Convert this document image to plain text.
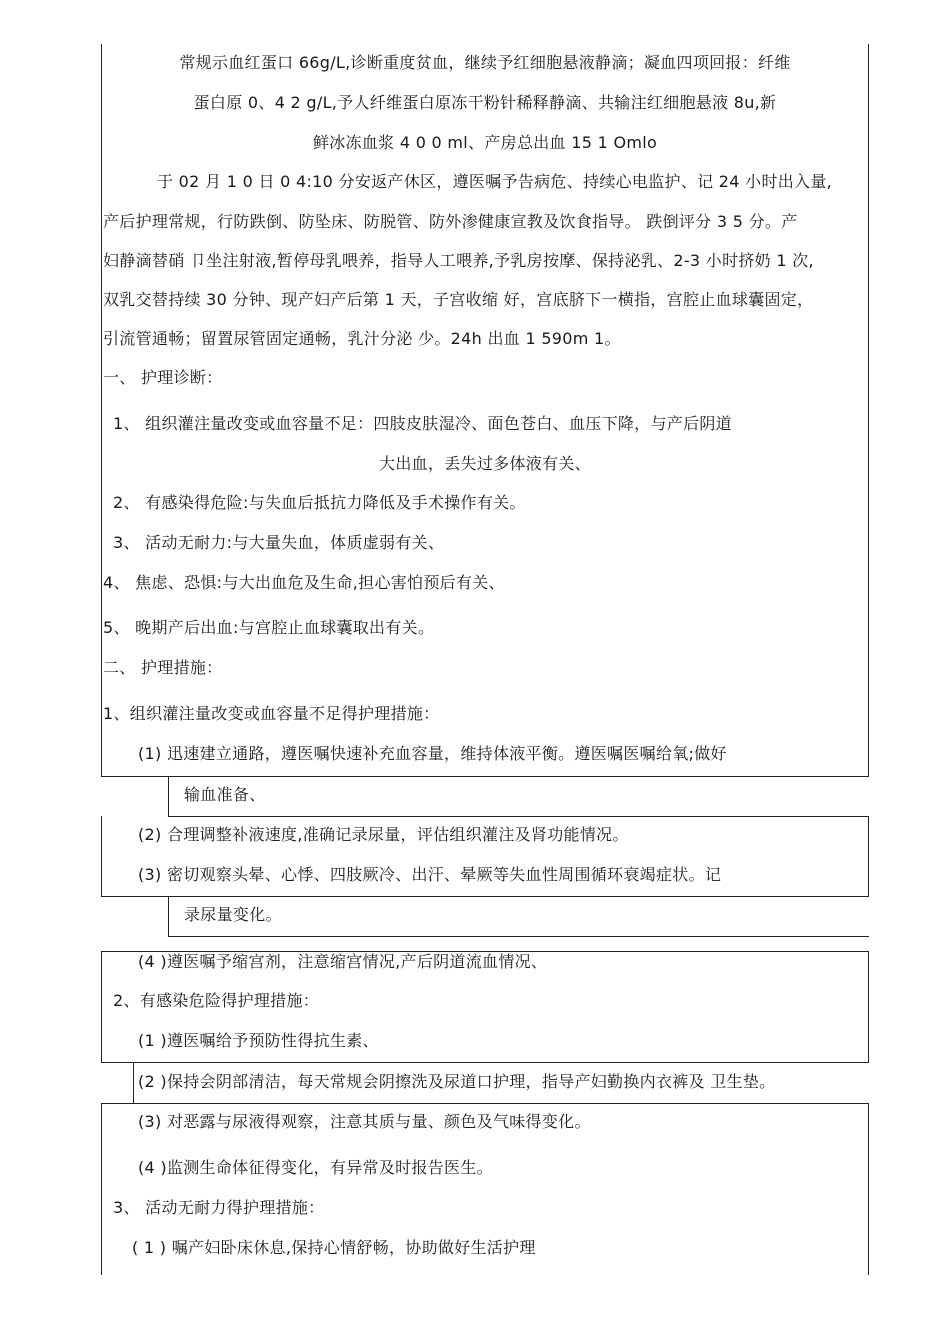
常规示血红蛋口 66g/L,诊断重度贫血，继续予红细胞悬液静滴；凝血四项回报：纤维
蛋白原 0、4 2 g/L,予人纤维蛋白原冻干粉针稀释静滴、共输注红细胞悬液 8u,新
鲜冰冻血浆 4 0 0 ml、产房总出血 15 1 Omlo
于 02 月 1 0 日 0 4:10 分安返产休区，遵医嘱予告病危、持续心电监护、记 24 小时出入量,
产后护理常规，行防跌倒、防坠床、防脱管、防外渗健康宣教及饮食指导。 跌倒评分 3 5 分。产
妇静滴替硝 卩坐注射液,暂停母乳喂养，指导人工喂养,予乳房按摩、保持泌乳、2-3 小时挤奶 1 次,
双乳交替持续 30 分钟、现产妇产后第 1 天，子宫收缩 好，宫底脐下一横指，宫腔止血球囊固定，
引流管通畅；留置尿管固定通畅，乳汁分泌 少。24h 出血 1 590m 1。
一、 护理诊断：
1、 组织灌注量改变或血容量不足：四肢皮肤湿冷、面色苍白、血压下降，与产后阴道
大出血，丢失过多体液有关、
2、 有感染得危险:与失血后抵抗力降低及手术操作有关。
3、 活动无耐力:与大量失血，体质虚弱有关、
4、 焦虑、恐惧:与大出血危及生命,担心害怕预后有关、
5、 晚期产后出血:与宫腔止血球囊取出有关。
二、 护理措施：
1、组织灌注量改变或血容量不足得护理措施：
(1) 迅速建立通路，遵医嘱快速补充血容量，维持体液平衡。遵医嘱医嘱给氧;做好
输血准备、
(2) 合理调整补液速度,准确记录尿量，评估组织灌注及肾功能情况。
(3) 密切观察头晕、心悸、四肢厥冷、出汗、晕厥等失血性周围循环衰竭症状。记
录尿量变化。
(4 )遵医嘱予缩宫剂，注意缩宫情况,产后阴道流血情况、
2、有感染危险得护理措施：
(1 )遵医嘱给予预防性得抗生素、
(2 )保持会阴部清洁，每天常规会阴擦洗及尿道口护理，指导产妇勤换内衣裤及 卫生垫。
(3) 对恶露与尿液得观察，注意其质与量、颜色及气味得变化。
(4 )监测生命体征得变化，有异常及时报告医生。
3、 活动无耐力得护理措施：
( 1 ) 嘱产妇卧床休息,保持心情舒畅，协助做好生活护理
